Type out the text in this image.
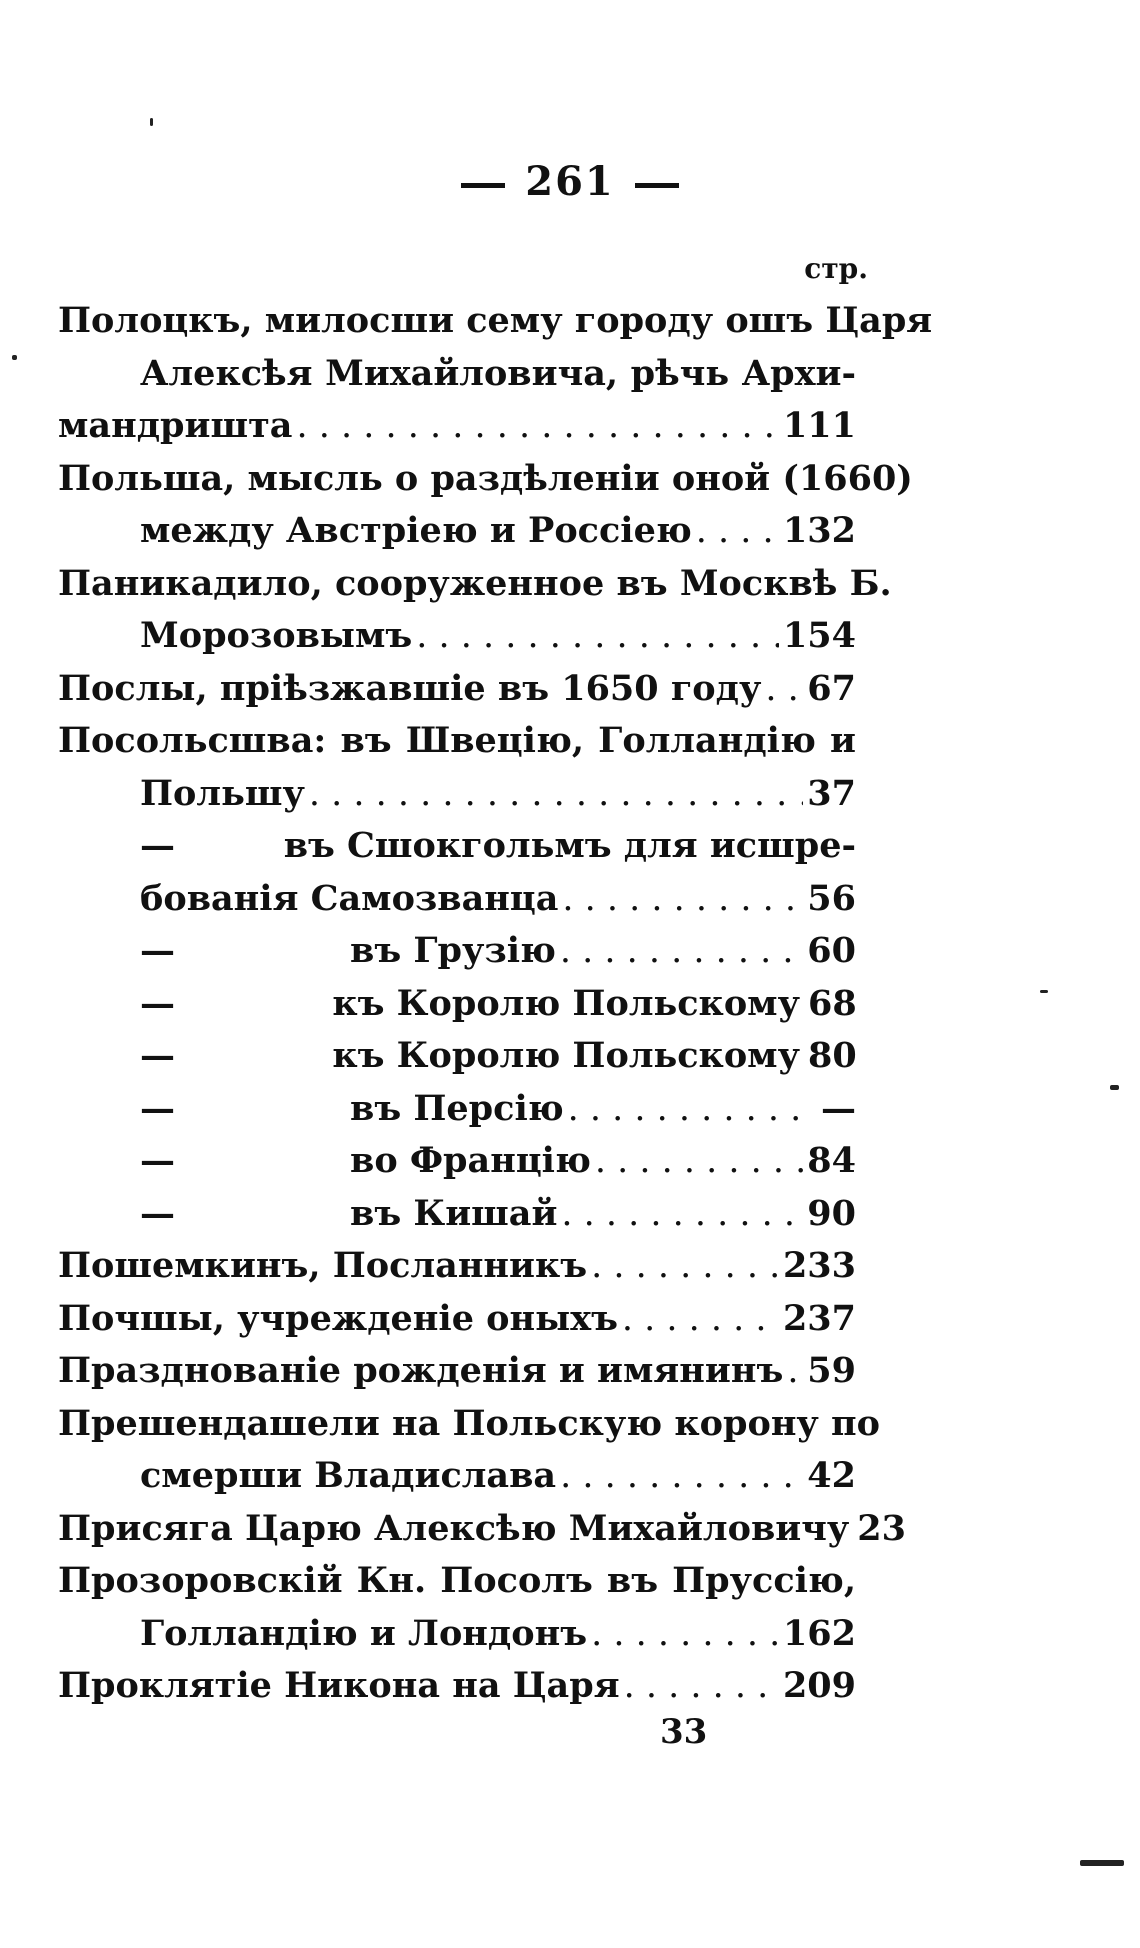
261
стр.
Полоцкъ, милосши сему городу ошъ Царя
Алексѣя Михайловича, рѣчь Архи-
мандришта . . .	111
Польша, мысль о раздѣленіи оной (1660)
между Австріею и Россіею . . .	132
Паникадило, сооруженное въ Москвѣ Б.
Морозовымъ . . .	154
Послы, пріѣзжавшіе въ 1650 году . . . 67
Посольсшва: въ Швецію, Голландію и
Польшу . . .	37
—	въ Сшокгольмъ для исшре-
бованія Самозванца . . .	56
—	въ Грузію . . .	60
—	къ Королю Польскому 68
—	къ Королю Польскому 80
—	въ Персію . . .	—
—	во Францію . . .	84
—	въ Кишай . . .	90
Пошемкинъ, Посланникъ . . .	233
Почшы, учрежденіе оныхъ . . .	237
Празднованіе рожденія и имянинъ . . . 59
Прешендашели на Польскую корону по
смерши Владислава . . .	42
Присяга Царю Алексѣю Михайловичу 23
Прозоровскій Кн. Посолъ въ Пруссію,
Голландію и Лондонъ . . .	162
Проклятіе Никона на Царя . . .	209
33
